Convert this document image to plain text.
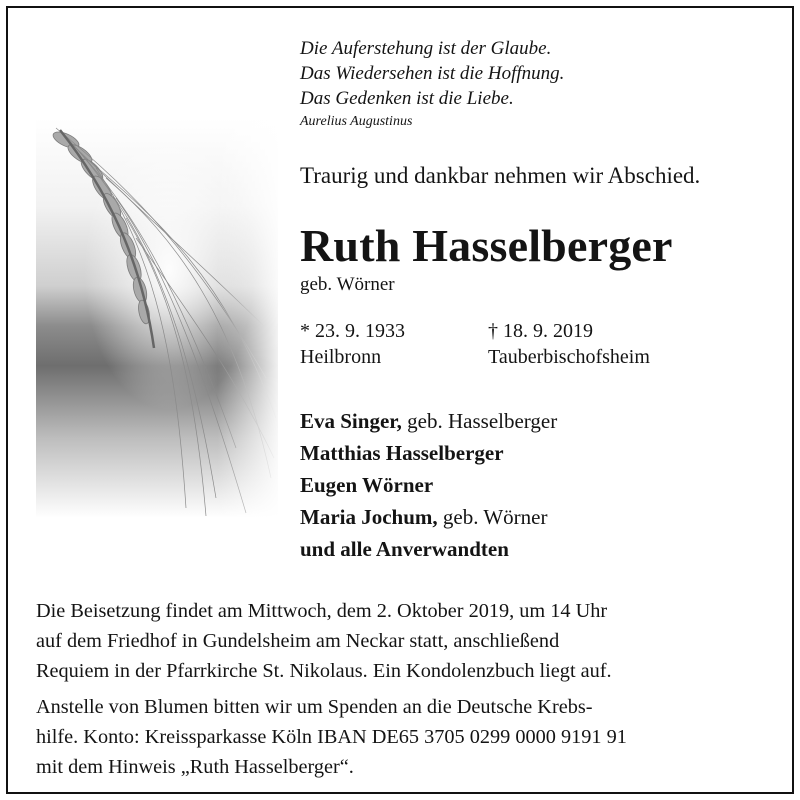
Die Auferstehung ist der Glaube.
Das Wiedersehen ist die Hoffnung.
Das Gedenken ist die Liebe.
Aurelius Augustinus
Traurig und dankbar nehmen wir Abschied.
Ruth Hasselberger
geb. Wörner
* 23. 9. 1933
Heilbronn
† 18. 9. 2019
Tauberbischofsheim
Eva Singer, geb. Hasselberger
Matthias Hasselberger
Eugen Wörner
Maria Jochum, geb. Wörner
und alle Anverwandten
Die Beisetzung findet am Mittwoch, dem 2. Oktober 2019, um 14 Uhr
auf dem Friedhof in Gundelsheim am Neckar statt, anschließend
Requiem in der Pfarrkirche St. Nikolaus. Ein Kondolenzbuch liegt auf.
Anstelle von Blumen bitten wir um Spenden an die Deutsche Krebs-
hilfe. Konto: Kreissparkasse Köln IBAN DE65 3705 0299 0000 9191 91
mit dem Hinweis „Ruth Hasselberger“.
